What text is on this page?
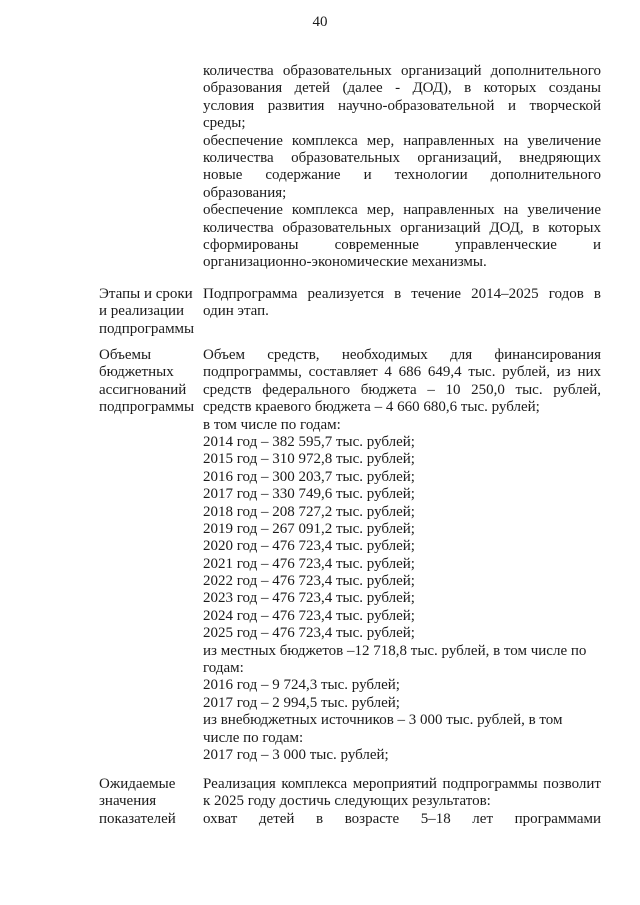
40
количества образовательных организаций дополнительного
образования детей (далее - ДОД), в которых созданы
условия развития научно-образовательной и творческой
среды;
обеспечение комплекса мер, направленных на увеличение
количества образовательных организаций, внедряющих
новые содержание и технологии дополнительного
образования;
обеспечение комплекса мер, направленных на увеличение
количества образовательных организаций ДОД, в которых
сформированы современные управленческие и
организационно-экономические механизмы.
Этапы и сроки
и реализации
подпрограммы
Подпрограмма реализуется в течение 2014–2025 годов в
один этап.
Объемы
бюджетных
ассигнований
подпрограммы
Объем средств, необходимых для финансирования
подпрограммы, составляет 4 686 649,4 тыс. рублей, из них
средств федерального бюджета – 10 250,0 тыс. рублей,
средств краевого бюджета – 4 660 680,6 тыс. рублей;
в том числе по годам:
2014 год – 382 595,7 тыс. рублей;
2015 год – 310 972,8 тыс. рублей;
2016 год – 300 203,7 тыс. рублей;
2017 год – 330 749,6 тыс. рублей;
2018 год – 208 727,2 тыс. рублей;
2019 год – 267 091,2 тыс. рублей;
2020 год – 476 723,4 тыс. рублей;
2021 год – 476 723,4 тыс. рублей;
2022 год – 476 723,4 тыс. рублей;
2023 год – 476 723,4 тыс. рублей;
2024 год – 476 723,4 тыс. рублей;
2025 год – 476 723,4 тыс. рублей;
из местных бюджетов –12 718,8 тыс. рублей, в том числе по
годам:
2016 год – 9 724,3 тыс. рублей;
2017 год – 2 994,5 тыс. рублей;
из внебюджетных источников – 3 000 тыс. рублей, в том
числе по годам:
2017 год – 3 000 тыс. рублей;
Ожидаемые
значения
показателей
Реализация комплекса мероприятий подпрограммы позволит
к 2025 году достичь следующих результатов:
охват детей в возрасте 5–18 лет программами
